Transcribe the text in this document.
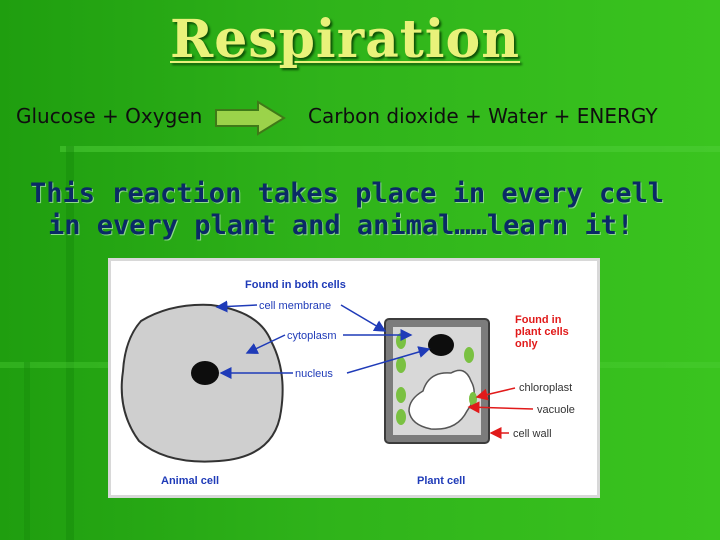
Respiration
Glucose + Oxygen	Carbon dioxide + Water + ENERGY
This reaction takes place in every cell
in every plant and animal……learn it!
Found in both cells
cell membrane
cytoplasm
nucleus
Found in
plant cells
only
chloroplast
vacuole
cell wall
Animal cell	Plant cell
